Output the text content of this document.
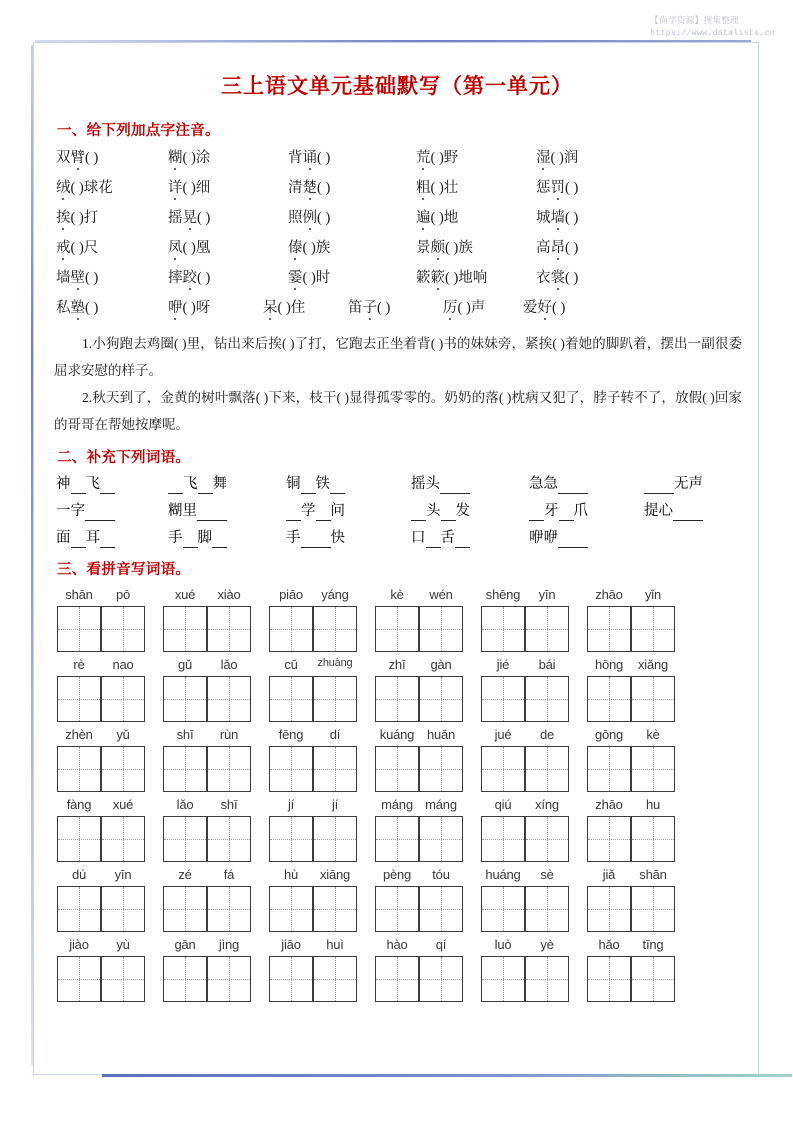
【尚学资源】搜集整理
https://www.datalists.cn
三上语文单元基础默写（第一单元）
一、给下列加点字注音。
双臂( )	糊( )涂	背诵( )	荒( )野	湿( )润
绒( )球花	详( )细	清楚( )	粗( )壮	惩罚( )
挨( )打	摇晃( )	照例( )	遍( )地	城墙( )
戒( )尺	凤( )凰	傣( )族	景颇( )族	高昂( )
墙壁( )	摔跤( )	霎( )时	簌簌( )地响	衣裳( )
私塾( )	咿( )呀	呆( )住	笛子( )	厉( )声	爱好( )
1.小狗跑去鸡圈( )里，钻出来后挨( )了打，它跑去正坐着背( )书的妹妹旁，紧挨( )着她的脚趴着，摆出一副很委屈求安慰的样子。
2.秋天到了，金黄的树叶飘落( )下来，枝干( )显得孤零零的。奶奶的落( )枕病又犯了，脖子转不了，放假( )回家的哥哥在帮她按摩呢。
二、补充下列词语。
神 飞	飞 舞	铜 铁	摇头	急急	无声
一字	糊里	学 问	头 发	牙 爪	提心
面 耳	手 脚	手 快	口 舌	咿咿
三、看拼音写词语。
shān	pō	xué	xiào	piāo	yáng	kè	wén	shēng	yīn	zhāo	yǐn
rè	nao	gǔ	lǎo	cū	zhuàng	zhī	gàn	jié	bái	hōng	xiǎng
zhèn	yǔ	shī	rùn	fēng	dí	kuáng huān	jué	de	gōng	kè
fàng	xué	lǎo	shī	jí	jí	máng máng	qiú	xíng	zhāo	hu
dú	yīn	zé	fá	hù	xiāng	pèng	tóu	huáng	sè	jiǎ	shān
jiào	yù	gān	jìng	jiāo	huì	hào	qí	luò	yè	hǎo	tīng
